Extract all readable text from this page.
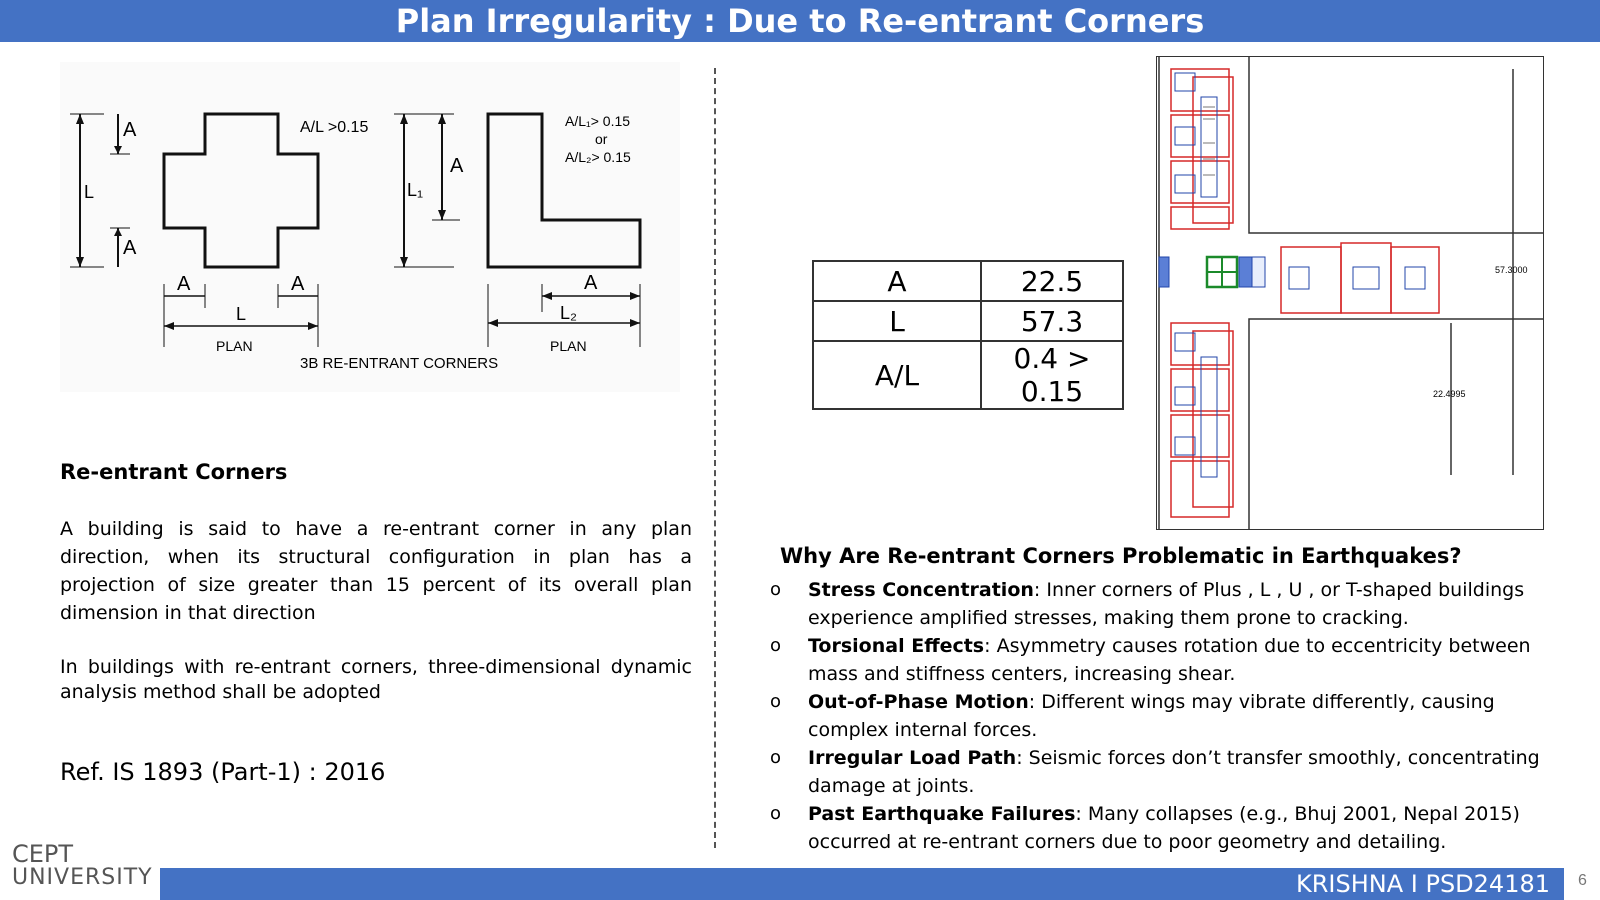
Plan Irregularity : Due to Re-entrant Corners
L
A
A
A	A
L
PLAN
A/L >0.15
L₁
A
A
L₂
PLAN
A/L₁> 0.15
or
A/L₂> 0.15
3B RE-ENTRANT CORNERS
Re-entrant Corners
A building is said to have a re-entrant corner in any plan direction, when its structural configuration in plan has a projection of size greater than 15 percent of its overall plan dimension in that direction
In buildings with re-entrant corners, three-dimensional dynamic analysis method shall be adopted
Ref. IS 1893 (Part-1) : 2016
A	22.5
L	57.3
A/L	0.4 > 0.15
57.3000
22.4995
Why Are Re-entrant Corners Problematic in Earthquakes?
o Stress Concentration: Inner corners of Plus , L , U , or T-shaped buildings experience amplified stresses, making them prone to cracking.
o Torsional Effects: Asymmetry causes rotation due to eccentricity between mass and stiffness centers, increasing shear.
o Out-of-Phase Motion: Different wings may vibrate differently, causing complex internal forces.
o Irregular Load Path: Seismic forces don’t transfer smoothly, concentrating damage at joints.
o Past Earthquake Failures: Many collapses (e.g., Bhuj 2001, Nepal 2015) occurred at re-entrant corners due to poor geometry and detailing.
CEPT
UNIVERSITY	KRISHNA I PSD24181 6
